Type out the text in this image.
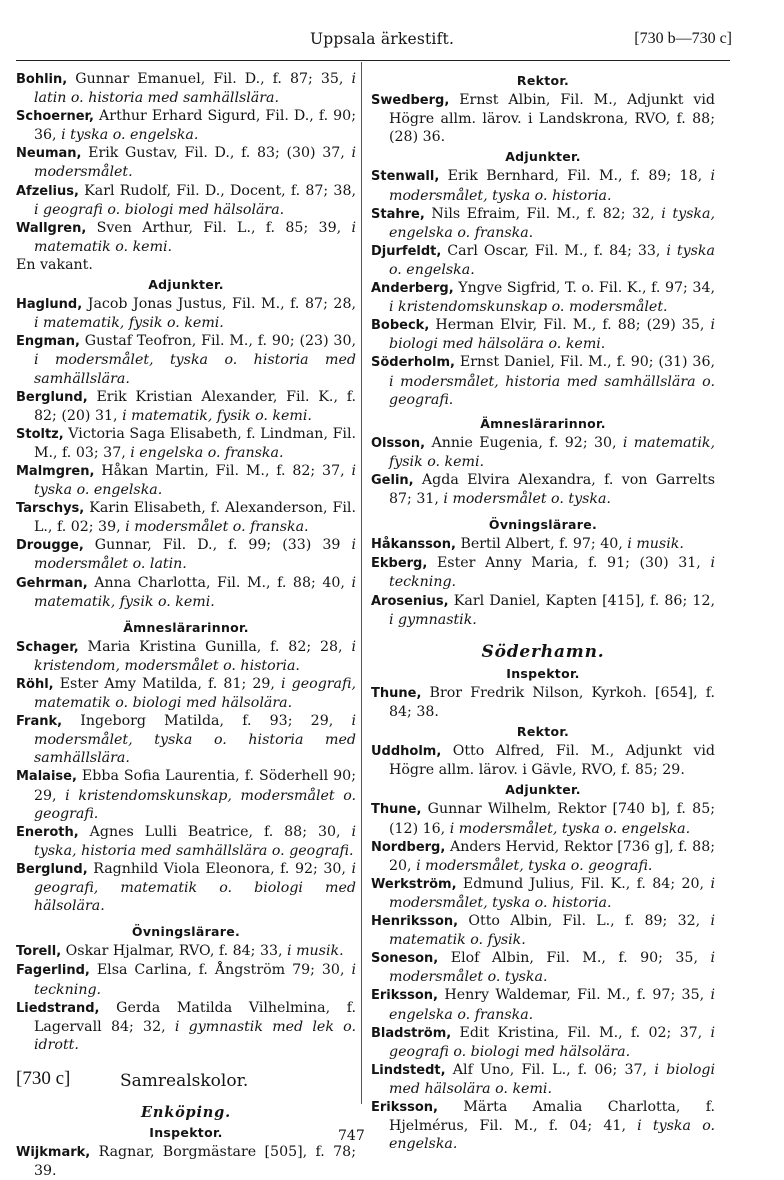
Uppsala ärkestift.	[730 b—730 c]

Bohlin, Gunnar Emanuel, Fil. D., f. 87; 35, i latin o. historia med samhällslära.

Schoerner, Arthur Erhard Sigurd, Fil. D., f. 90; 36, i tyska o. engelska.

Neuman, Erik Gustav, Fil. D., f. 83; (30) 37, i modersmålet.

Afzelius, Karl Rudolf, Fil. D., Docent, f. 87; 38, i geografi o. biologi med hälsolära.

Wallgren, Sven Arthur, Fil. L., f. 85; 39, i matematik o. kemi.

En vakant.

Adjunkter.

Haglund, Jacob Jonas Justus, Fil. M., f. 87; 28, i matematik, fysik o. kemi.

Engman, Gustaf Teofron, Fil. M., f. 90; (23) 30, i modersmålet, tyska o. historia med samhällslära.

Berglund, Erik Kristian Alexander, Fil. K., f. 82; (20) 31, i matematik, fysik o. kemi.

Stoltz, Victoria Saga Elisabeth, f. Lindman, Fil. M., f. 03; 37, i engelska o. franska.

Malmgren, Håkan Martin, Fil. M., f. 82; 37, i tyska o. engelska.

Tarschys, Karin Elisabeth, f. Alexanderson, Fil. L., f. 02; 39, i modersmålet o. franska.

Drougge, Gunnar, Fil. D., f. 99; (33) 39 i modersmålet o. latin.

Gehrman, Anna Charlotta, Fil. M., f. 88; 40, i matematik, fysik o. kemi.

Ämneslärarinnor.

Schager, Maria Kristina Gunilla, f. 82; 28, i kristendom, modersmålet o. historia.

Röhl, Ester Amy Matilda, f. 81; 29, i geografi, matematik o. biologi med hälsolära.

Frank, Ingeborg Matilda, f. 93; 29, i modersmålet, tyska o. historia med samhällslära.

Malaise, Ebba Sofia Laurentia, f. Söderhell 90; 29, i kristendomskunskap, modersmålet o. geografi.

Eneroth, Agnes Lulli Beatrice, f. 88; 30, i tyska, historia med samhällslära o. geografi.

Berglund, Ragnhild Viola Eleonora, f. 92; 30, i geografi, matematik o. biologi med hälsolära.

Övningslärare.

Torell, Oskar Hjalmar, RVO, f. 84; 33, i musik.

Fagerlind, Elsa Carlina, f. Ångström 79; 30, i teckning.

Liedstrand, Gerda Matilda Vilhelmina, f. Lagervall 84; 32, i gymnastik med lek o. idrott.

[730 c]	Samrealskolor.
Enköping.
Inspektor.

Wijkmark, Ragnar, Borgmästare [505], f. 78; 39.

Rektor.

Swedberg, Ernst Albin, Fil. M., Adjunkt vid Högre allm. lärov. i Landskrona, RVO, f. 88; (28) 36.

Adjunkter.

Stenwall, Erik Bernhard, Fil. M., f. 89; 18, i modersmålet, tyska o. historia.

Stahre, Nils Efraim, Fil. M., f. 82; 32, i tyska, engelska o. franska.

Djurfeldt, Carl Oscar, Fil. M., f. 84; 33, i tyska o. engelska.

Anderberg, Yngve Sigfrid, T. o. Fil. K., f. 97; 34, i kristendomskunskap o. modersmålet.

Bobeck, Herman Elvir, Fil. M., f. 88; (29) 35, i biologi med hälsolära o. kemi.

Söderholm, Ernst Daniel, Fil. M., f. 90; (31) 36, i modersmålet, historia med samhällslära o. geografi.

Ämneslärarinnor.

Olsson, Annie Eugenia, f. 92; 30, i matematik, fysik o. kemi.

Gelin, Agda Elvira Alexandra, f. von Garrelts 87; 31, i modersmålet o. tyska.

Övningslärare.

Håkansson, Bertil Albert, f. 97; 40, i musik.

Ekberg, Ester Anny Maria, f. 91; (30) 31, i teckning.

Arosenius, Karl Daniel, Kapten [415], f. 86; 12, i gymnastik.

Söderhamn.
Inspektor.

Thune, Bror Fredrik Nilson, Kyrkoh. [654], f. 84; 38.

Rektor.

Uddholm, Otto Alfred, Fil. M., Adjunkt vid Högre allm. lärov. i Gävle, RVO, f. 85; 29.

Adjunkter.

Thune, Gunnar Wilhelm, Rektor [740 b], f. 85; (12) 16, i modersmålet, tyska o. engelska.

Nordberg, Anders Hervid, Rektor [736 g], f. 88; 20, i modersmålet, tyska o. geografi.

Werkström, Edmund Julius, Fil. K., f. 84; 20, i modersmålet, tyska o. historia.

Henriksson, Otto Albin, Fil. L., f. 89; 32, i matematik o. fysik.

Soneson, Elof Albin, Fil. M., f. 90; 35, i modersmålet o. tyska.

Eriksson, Henry Waldemar, Fil. M., f. 97; 35, i engelska o. franska.

Bladström, Edit Kristina, Fil. M., f. 02; 37, i geografi o. biologi med hälsolära.

Lindstedt, Alf Uno, Fil. L., f. 06; 37, i biologi med hälsolära o. kemi.

Eriksson, Märta Amalia Charlotta, f. Hjelmérus, Fil. M., f. 04; 41, i tyska o. engelska.

747
